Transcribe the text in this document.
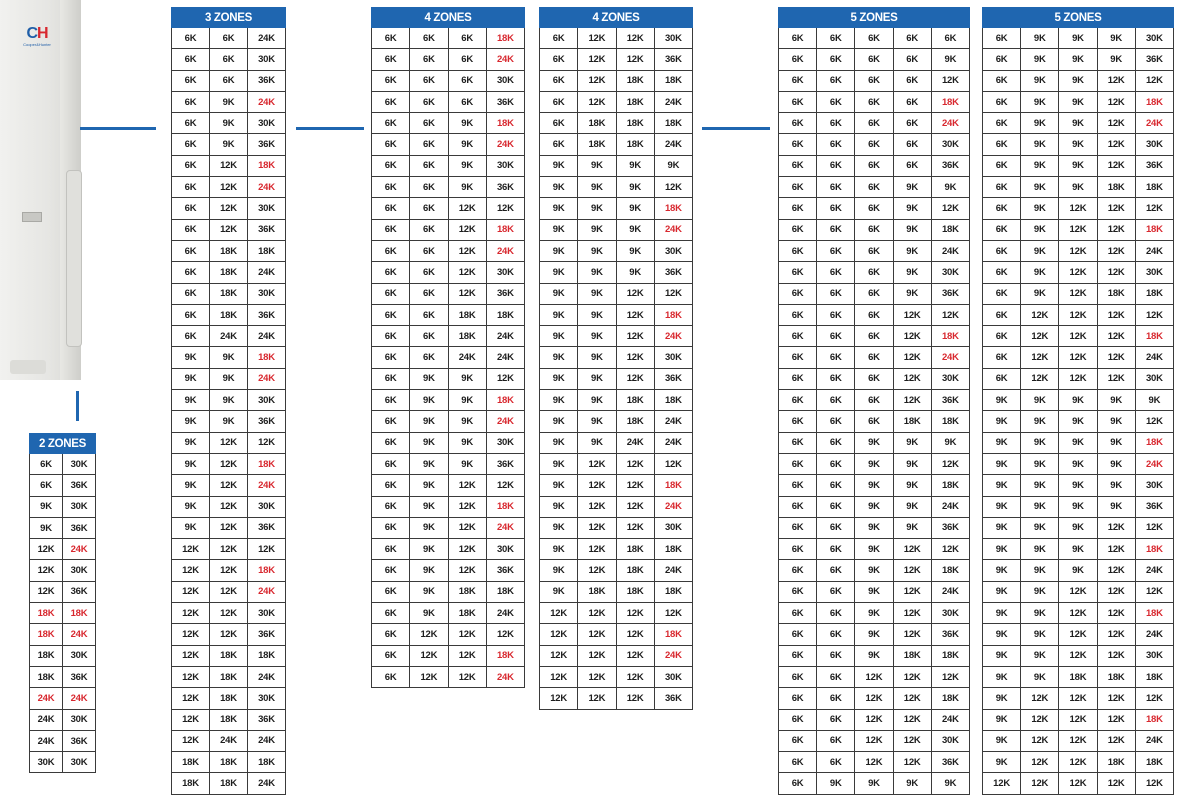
CH
Cooper&Hunter
2 ZONES	
6K	30K
6K	36K
9K	30K
9K	36K
12K	24K
12K	30K
12K	36K
18K	18K
18K	24K
18K	30K
18K	36K
24K	24K
24K	30K
24K	36K
30K	30K
3 ZONES		
6K	6K	24K
6K	6K	30K
6K	6K	36K
6K	9K	24K
6K	9K	30K
6K	9K	36K
6K	12K	18K
6K	12K	24K
6K	12K	30K
6K	12K	36K
6K	18K	18K
6K	18K	24K
6K	18K	30K
6K	18K	36K
6K	24K	24K
9K	9K	18K
9K	9K	24K
9K	9K	30K
9K	9K	36K
9K	12K	12K
9K	12K	18K
9K	12K	24K
9K	12K	30K
9K	12K	36K
12K	12K	12K
12K	12K	18K
12K	12K	24K
12K	12K	30K
12K	12K	36K
12K	18K	18K
12K	18K	24K
12K	18K	30K
12K	18K	36K
12K	24K	24K
18K	18K	18K
18K	18K	24K
4 ZONES			
6K	6K	6K	18K
6K	6K	6K	24K
6K	6K	6K	30K
6K	6K	6K	36K
6K	6K	9K	18K
6K	6K	9K	24K
6K	6K	9K	30K
6K	6K	9K	36K
6K	6K	12K	12K
6K	6K	12K	18K
6K	6K	12K	24K
6K	6K	12K	30K
6K	6K	12K	36K
6K	6K	18K	18K
6K	6K	18K	24K
6K	6K	24K	24K
6K	9K	9K	12K
6K	9K	9K	18K
6K	9K	9K	24K
6K	9K	9K	30K
6K	9K	9K	36K
6K	9K	12K	12K
6K	9K	12K	18K
6K	9K	12K	24K
6K	9K	12K	30K
6K	9K	12K	36K
6K	9K	18K	18K
6K	9K	18K	24K
6K	12K	12K	12K
6K	12K	12K	18K
6K	12K	12K	24K
4 ZONES			
6K	12K	12K	30K
6K	12K	12K	36K
6K	12K	18K	18K
6K	12K	18K	24K
6K	18K	18K	18K
6K	18K	18K	24K
9K	9K	9K	9K
9K	9K	9K	12K
9K	9K	9K	18K
9K	9K	9K	24K
9K	9K	9K	30K
9K	9K	9K	36K
9K	9K	12K	12K
9K	9K	12K	18K
9K	9K	12K	24K
9K	9K	12K	30K
9K	9K	12K	36K
9K	9K	18K	18K
9K	9K	18K	24K
9K	9K	24K	24K
9K	12K	12K	12K
9K	12K	12K	18K
9K	12K	12K	24K
9K	12K	12K	30K
9K	12K	18K	18K
9K	12K	18K	24K
9K	18K	18K	18K
12K	12K	12K	12K
12K	12K	12K	18K
12K	12K	12K	24K
12K	12K	12K	30K
12K	12K	12K	36K
5 ZONES				
6K	6K	6K	6K	6K
6K	6K	6K	6K	9K
6K	6K	6K	6K	12K
6K	6K	6K	6K	18K
6K	6K	6K	6K	24K
6K	6K	6K	6K	30K
6K	6K	6K	6K	36K
6K	6K	6K	9K	9K
6K	6K	6K	9K	12K
6K	6K	6K	9K	18K
6K	6K	6K	9K	24K
6K	6K	6K	9K	30K
6K	6K	6K	9K	36K
6K	6K	6K	12K	12K
6K	6K	6K	12K	18K
6K	6K	6K	12K	24K
6K	6K	6K	12K	30K
6K	6K	6K	12K	36K
6K	6K	6K	18K	18K
6K	6K	9K	9K	9K
6K	6K	9K	9K	12K
6K	6K	9K	9K	18K
6K	6K	9K	9K	24K
6K	6K	9K	9K	36K
6K	6K	9K	12K	12K
6K	6K	9K	12K	18K
6K	6K	9K	12K	24K
6K	6K	9K	12K	30K
6K	6K	9K	12K	36K
6K	6K	9K	18K	18K
6K	6K	12K	12K	12K
6K	6K	12K	12K	18K
6K	6K	12K	12K	24K
6K	6K	12K	12K	30K
6K	6K	12K	12K	36K
6K	9K	9K	9K	9K
5 ZONES				
6K	9K	9K	9K	30K
6K	9K	9K	9K	36K
6K	9K	9K	12K	12K
6K	9K	9K	12K	18K
6K	9K	9K	12K	24K
6K	9K	9K	12K	30K
6K	9K	9K	12K	36K
6K	9K	9K	18K	18K
6K	9K	12K	12K	12K
6K	9K	12K	12K	18K
6K	9K	12K	12K	24K
6K	9K	12K	12K	30K
6K	9K	12K	18K	18K
6K	12K	12K	12K	12K
6K	12K	12K	12K	18K
6K	12K	12K	12K	24K
6K	12K	12K	12K	30K
9K	9K	9K	9K	9K
9K	9K	9K	9K	12K
9K	9K	9K	9K	18K
9K	9K	9K	9K	24K
9K	9K	9K	9K	30K
9K	9K	9K	9K	36K
9K	9K	9K	12K	12K
9K	9K	9K	12K	18K
9K	9K	9K	12K	24K
9K	9K	12K	12K	12K
9K	9K	12K	12K	18K
9K	9K	12K	12K	24K
9K	9K	12K	12K	30K
9K	9K	18K	18K	18K
9K	12K	12K	12K	12K
9K	12K	12K	12K	18K
9K	12K	12K	12K	24K
9K	12K	12K	18K	18K
12K	12K	12K	12K	12K
